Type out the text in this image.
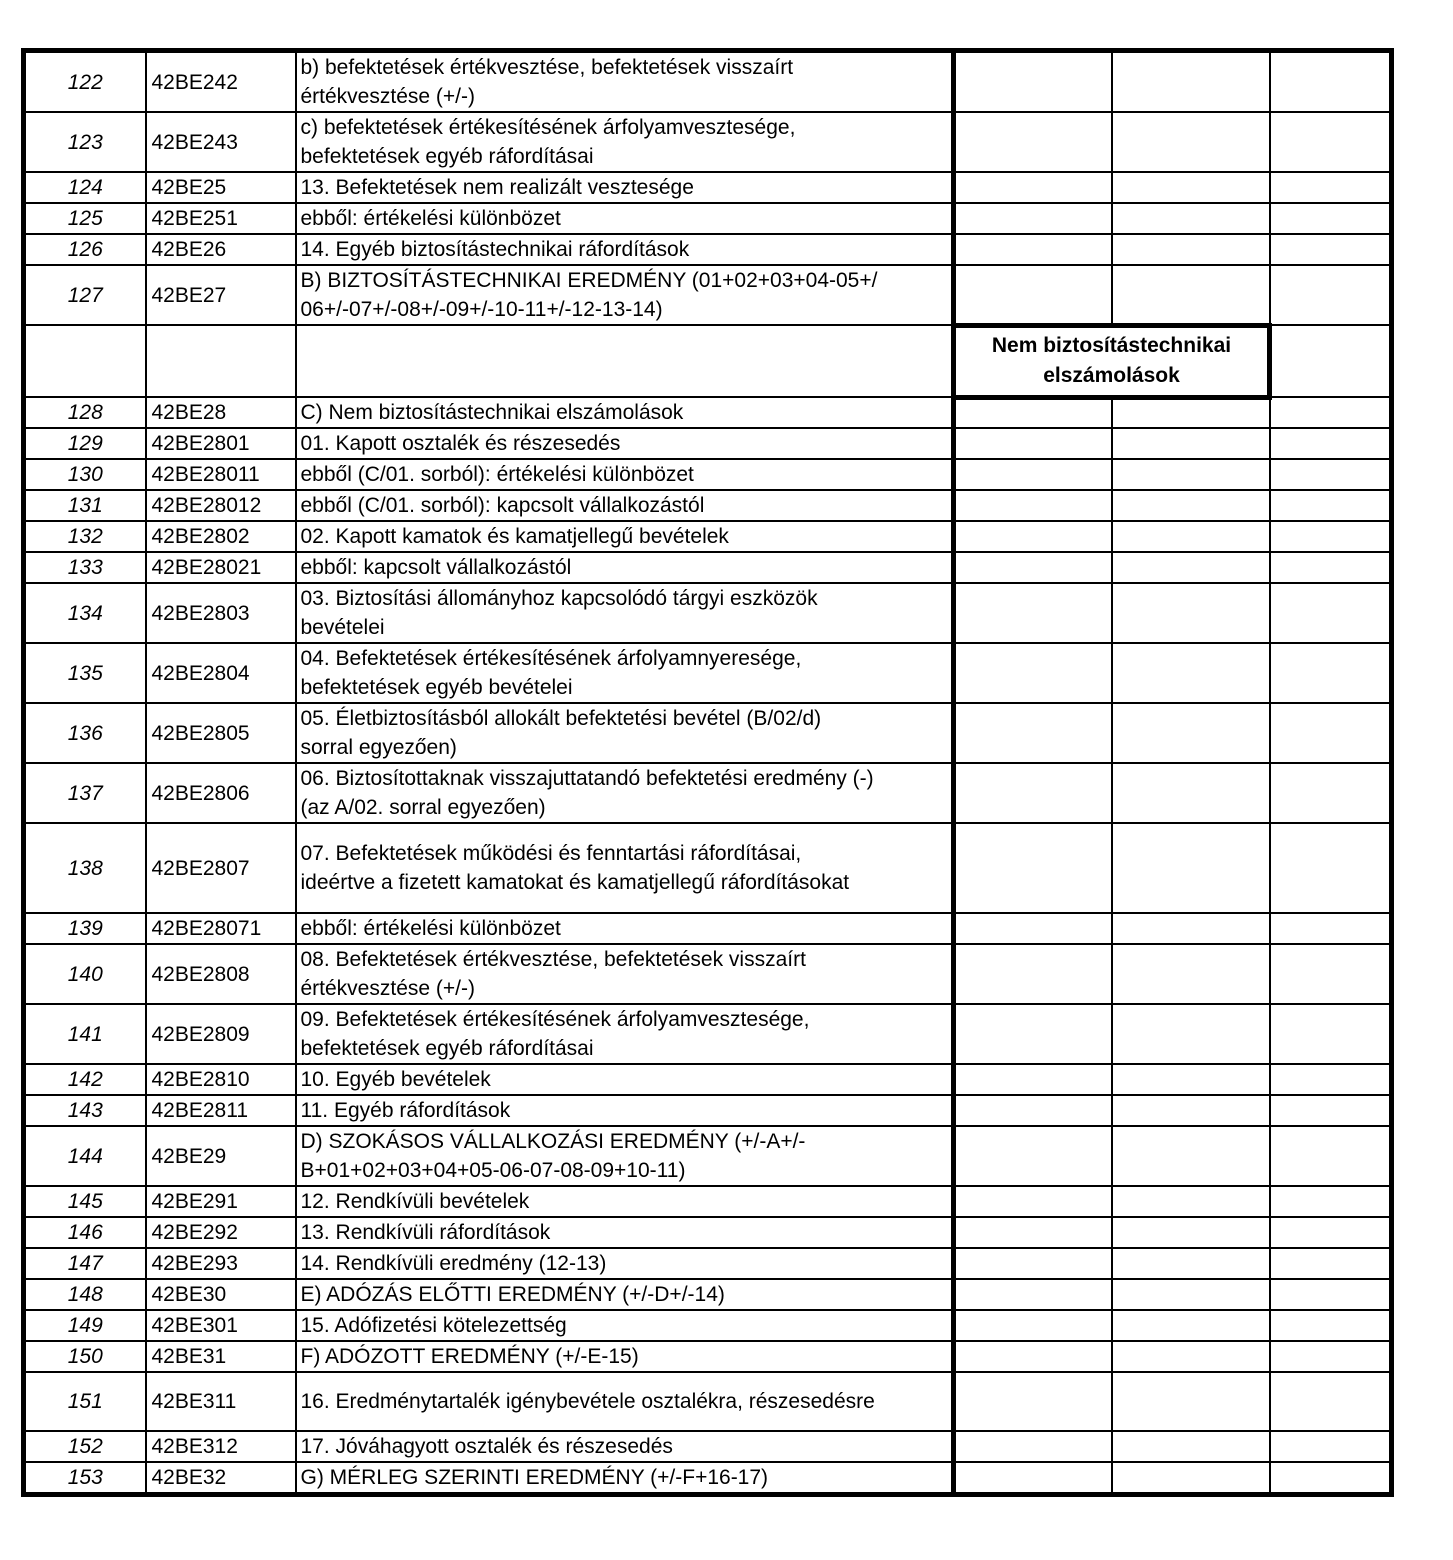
122	42BE242	b) befektetések értékvesztése, befektetések visszaírt
értékvesztése (+/-)			

123	42BE243	c) befektetések értékesítésének árfolyamvesztesége,
befektetések egyéb ráfordításai			

124	42BE25	13. Befektetések nem realizált vesztesége			

125	42BE251	ebből: értékelési különbözet			

126	42BE26	14. Egyéb biztosítástechnikai ráfordítások			

127	42BE27	B) BIZTOSÍTÁSTECHNIKAI EREDMÉNY (01+02+03+04-05+/
06+/-07+/-08+/-09+/-10-11+/-12-13-14)			

			Nem biztosítástechnikai elszámolások		
128	42BE28	C) Nem biztosítástechnikai elszámolások			

129	42BE2801	01. Kapott osztalék és részesedés			

130	42BE28011	ebből (C/01. sorból): értékelési különbözet			

131	42BE28012	ebből (C/01. sorból): kapcsolt vállalkozástól			

132	42BE2802	02. Kapott kamatok és kamatjellegű bevételek			

133	42BE28021	ebből: kapcsolt vállalkozástól			

134	42BE2803	03. Biztosítási állományhoz kapcsolódó tárgyi eszközök
bevételei			

135	42BE2804	04. Befektetések értékesítésének árfolyamnyeresége,
befektetések egyéb bevételei			

136	42BE2805	05. Életbiztosításból allokált befektetési bevétel (B/02/d)
sorral egyezően)			

137	42BE2806	06. Biztosítottaknak visszajuttatandó befektetési eredmény (-)
(az A/02. sorral egyezően)			

138	42BE2807	07. Befektetések működési és fenntartási ráfordításai,
ideértve a fizetett kamatokat és kamatjellegű ráfordításokat			

139	42BE28071	ebből: értékelési különbözet			

140	42BE2808	08. Befektetések értékvesztése, befektetések visszaírt
értékvesztése (+/-)			

141	42BE2809	09. Befektetések értékesítésének árfolyamvesztesége,
befektetések egyéb ráfordításai			

142	42BE2810	10. Egyéb bevételek			

143	42BE2811	11. Egyéb ráfordítások			

144	42BE29	D) SZOKÁSOS VÁLLALKOZÁSI EREDMÉNY (+/-A+/-
B+01+02+03+04+05-06-07-08-09+10-11)			

145	42BE291	12. Rendkívüli bevételek			

146	42BE292	13. Rendkívüli ráfordítások			

147	42BE293	14. Rendkívüli eredmény (12-13)			

148	42BE30	E) ADÓZÁS ELŐTTI EREDMÉNY (+/-D+/-14)			

149	42BE301	15. Adófizetési kötelezettség			

150	42BE31	F) ADÓZOTT EREDMÉNY (+/-E-15)			

151	42BE311	16. Eredménytartalék igénybevétele osztalékra, részesedésre			

152	42BE312	17. Jóváhagyott osztalék és részesedés			

153	42BE32	G) MÉRLEG SZERINTI EREDMÉNY (+/-F+16-17)			
